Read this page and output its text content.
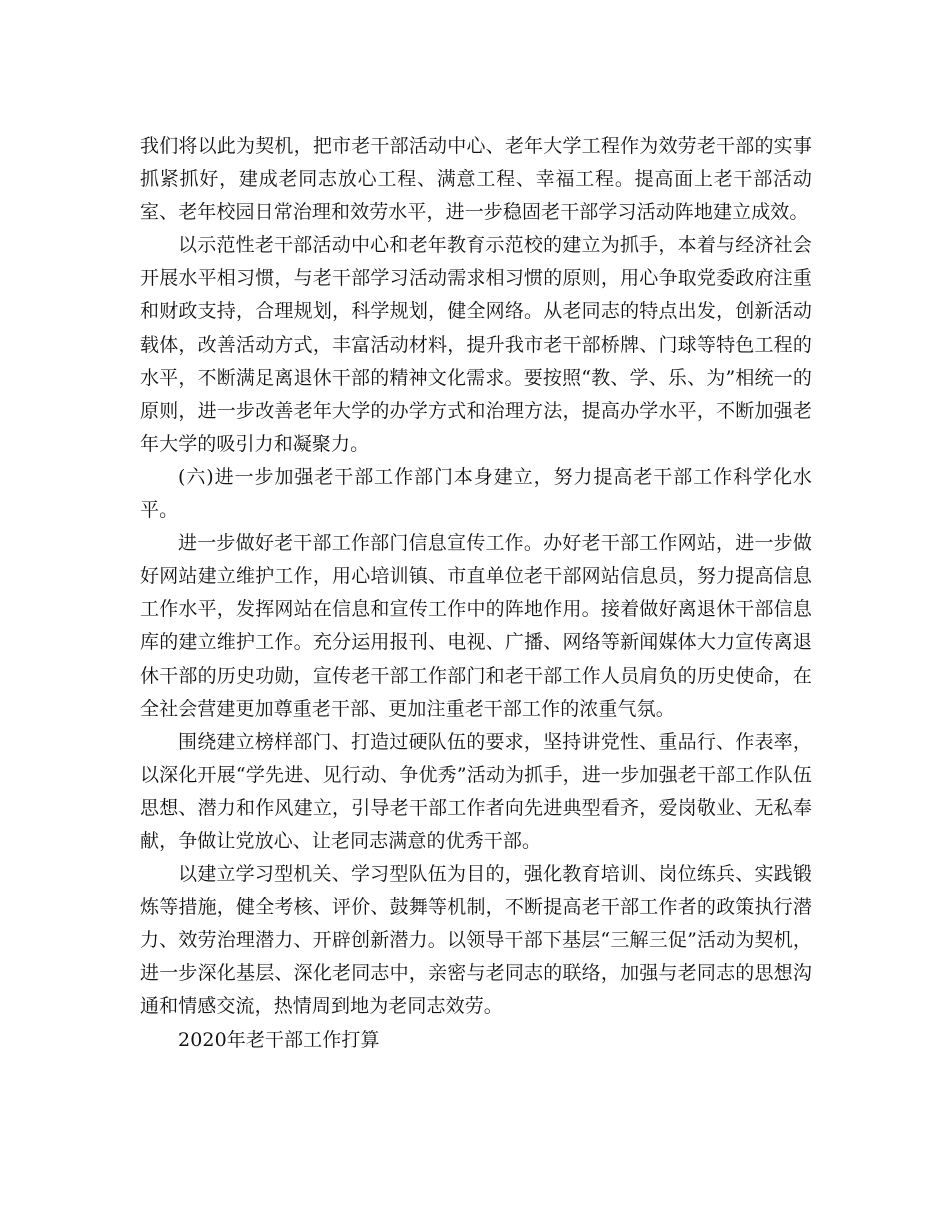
我们将以此为契机，把市老干部活动中心、老年大学工程作为效劳老干部的实事抓紧抓好，建成老同志放心工程、满意工程、幸福工程。提高面上老干部活动室、老年校园日常治理和效劳水平，进一步稳固老干部学习活动阵地建立成效。

以示范性老干部活动中心和老年教育示范校的建立为抓手，本着与经济社会开展水平相习惯，与老干部学习活动需求相习惯的原则，用心争取党委政府注重和财政支持，合理规划，科学规划，健全网络。从老同志的特点出发，创新活动载体，改善活动方式，丰富活动材料，提升我市老干部桥牌、门球等特色工程的水平，不断满足离退休干部的精神文化需求。要按照“教、学、乐、为”相统一的原则，进一步改善老年大学的办学方式和治理方法，提高办学水平，不断加强老年大学的吸引力和凝聚力。

(六)进一步加强老干部工作部门本身建立，努力提高老干部工作科学化水平。

进一步做好老干部工作部门信息宣传工作。办好老干部工作网站，进一步做好网站建立维护工作，用心培训镇、市直单位老干部网站信息员，努力提高信息工作水平，发挥网站在信息和宣传工作中的阵地作用。接着做好离退休干部信息库的建立维护工作。充分运用报刊、电视、广播、网络等新闻媒体大力宣传离退休干部的历史功勋，宣传老干部工作部门和老干部工作人员肩负的历史使命，在全社会营建更加尊重老干部、更加注重老干部工作的浓重气氛。

围绕建立榜样部门、打造过硬队伍的要求，坚持讲党性、重品行、作表率，以深化开展“学先进、见行动、争优秀”活动为抓手，进一步加强老干部工作队伍思想、潜力和作风建立，引导老干部工作者向先进典型看齐，爱岗敬业、无私奉献，争做让党放心、让老同志满意的优秀干部。

以建立学习型机关、学习型队伍为目的，强化教育培训、岗位练兵、实践锻炼等措施，健全考核、评价、鼓舞等机制，不断提高老干部工作者的政策执行潜力、效劳治理潜力、开辟创新潜力。以领导干部下基层“三解三促”活动为契机，进一步深化基层、深化老同志中，亲密与老同志的联络，加强与老同志的思想沟通和情感交流，热情周到地为老同志效劳。

2020年老干部工作打算
